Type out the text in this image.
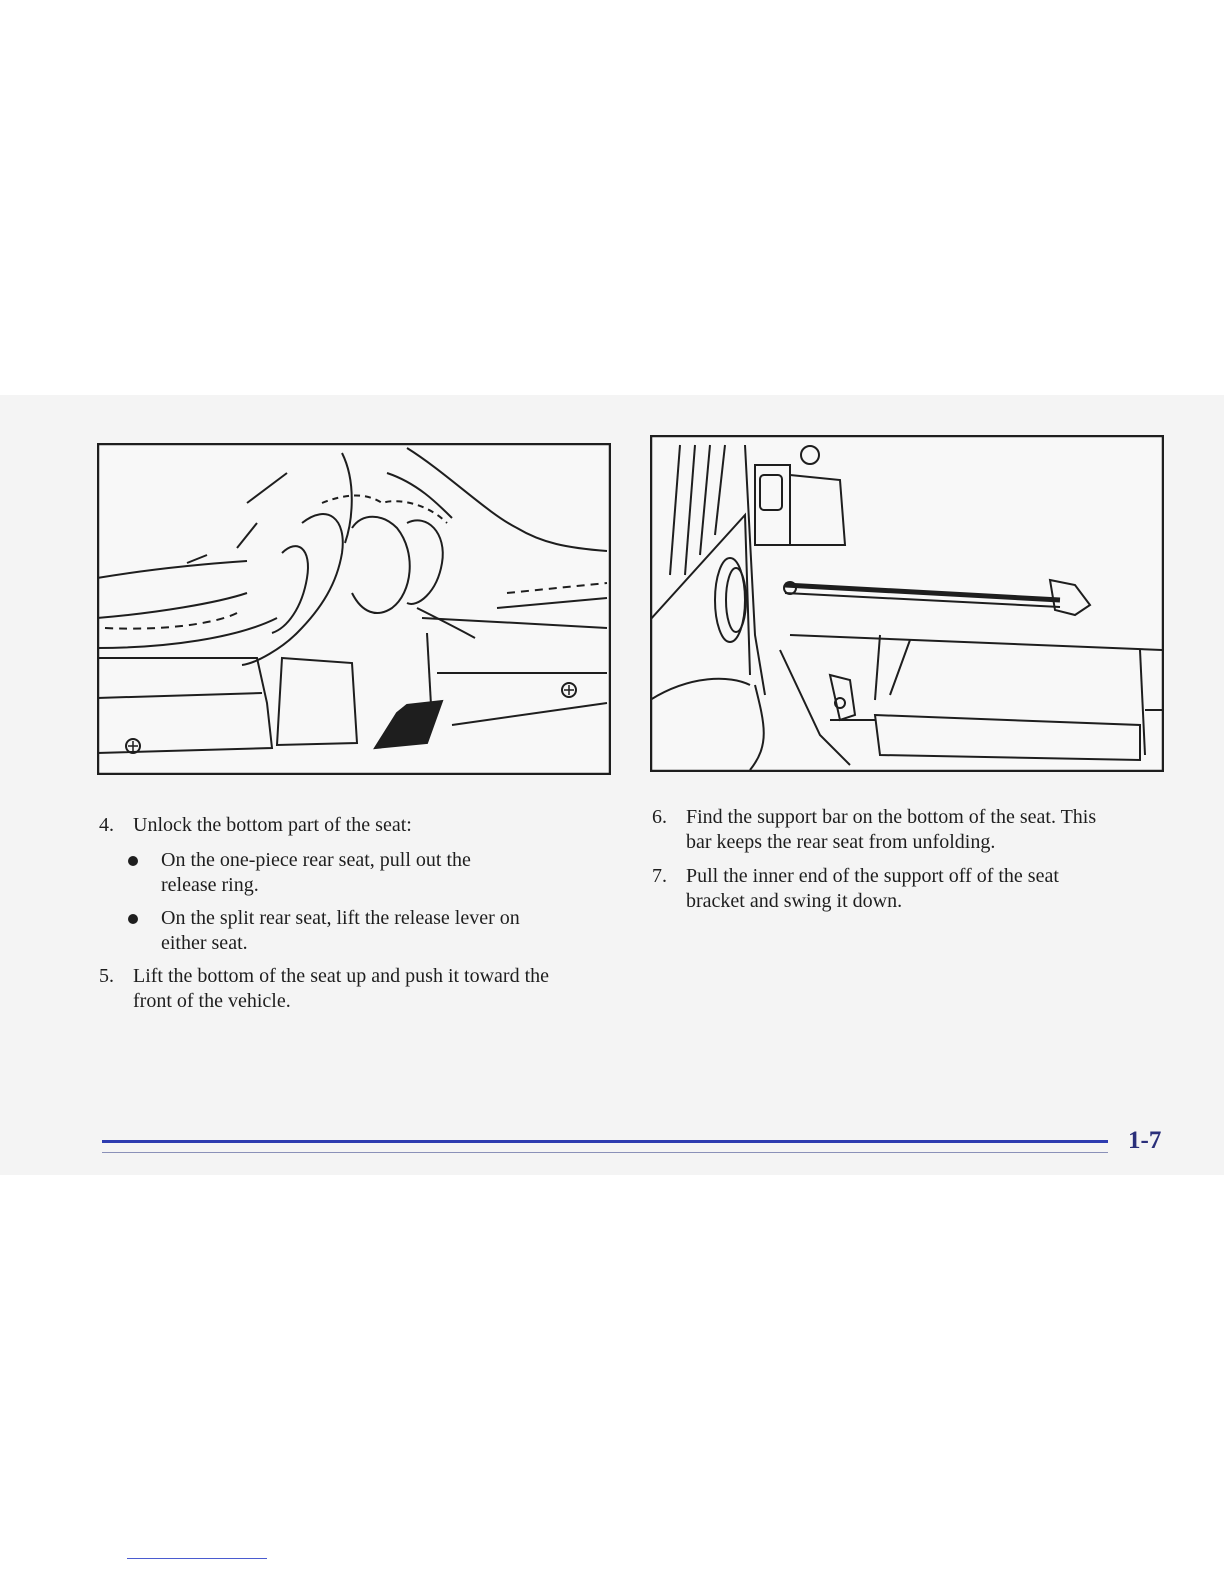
4. Unlock the bottom part of the seat:
On the one-piece rear seat, pull out the
release ring.
On the split rear seat, lift the release lever on
either seat.
5. Lift the bottom of the seat up and push it toward the
front of the vehicle.
6. Find the support bar on the bottom of the seat. This
bar keeps the rear seat from unfolding.
7. Pull the inner end of the support off of the seat
bracket and swing it down.
1-7
